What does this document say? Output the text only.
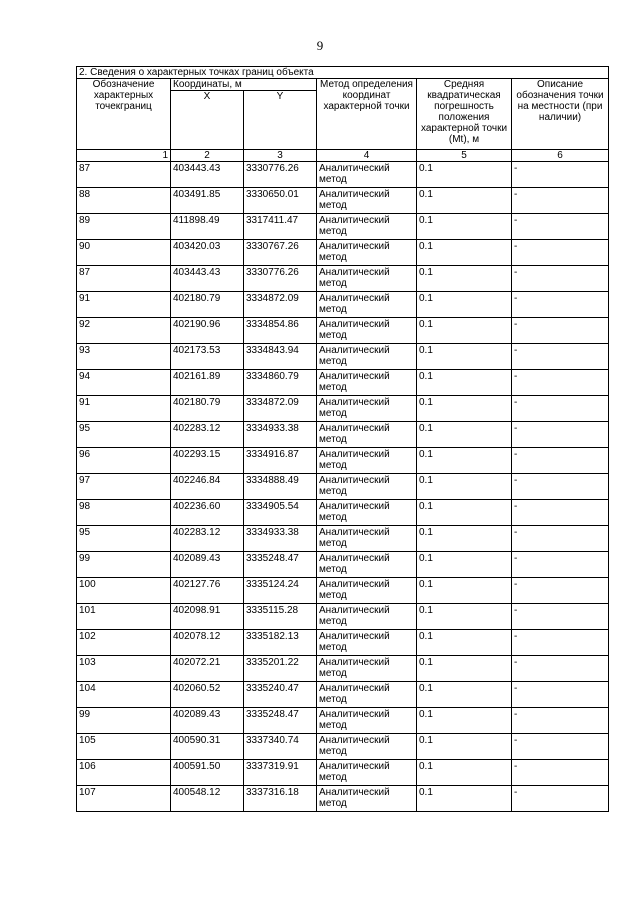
9
2. Сведения о характерных точках границ объекта					
Обозначение характерных точекграниц	Координаты, м		Метод определения координат характерной точки	Средняя квадратическая погрешность положения характерной точки (Mt), м	Описание обозначения точки на местности (при наличии)
	X	Y			
1	2	3	4	5	6
87	403443.43	3330776.26	Аналитический метод	0.1	-
88	403491.85	3330650.01	Аналитический метод	0.1	-
89	411898.49	3317411.47	Аналитический метод	0.1	-
90	403420.03	3330767.26	Аналитический метод	0.1	-
87	403443.43	3330776.26	Аналитический метод	0.1	-
91	402180.79	3334872.09	Аналитический метод	0.1	-
92	402190.96	3334854.86	Аналитический метод	0.1	-
93	402173.53	3334843.94	Аналитический метод	0.1	-
94	402161.89	3334860.79	Аналитический метод	0.1	-
91	402180.79	3334872.09	Аналитический метод	0.1	-
95	402283.12	3334933.38	Аналитический метод	0.1	-
96	402293.15	3334916.87	Аналитический метод	0.1	-
97	402246.84	3334888.49	Аналитический метод	0.1	-
98	402236.60	3334905.54	Аналитический метод	0.1	-
95	402283.12	3334933.38	Аналитический метод	0.1	-
99	402089.43	3335248.47	Аналитический метод	0.1	-
100	402127.76	3335124.24	Аналитический метод	0.1	-
101	402098.91	3335115.28	Аналитический метод	0.1	-
102	402078.12	3335182.13	Аналитический метод	0.1	-
103	402072.21	3335201.22	Аналитический метод	0.1	-
104	402060.52	3335240.47	Аналитический метод	0.1	-
99	402089.43	3335248.47	Аналитический метод	0.1	-
105	400590.31	3337340.74	Аналитический метод	0.1	-
106	400591.50	3337319.91	Аналитический метод	0.1	-
107	400548.12	3337316.18	Аналитический метод	0.1	-
